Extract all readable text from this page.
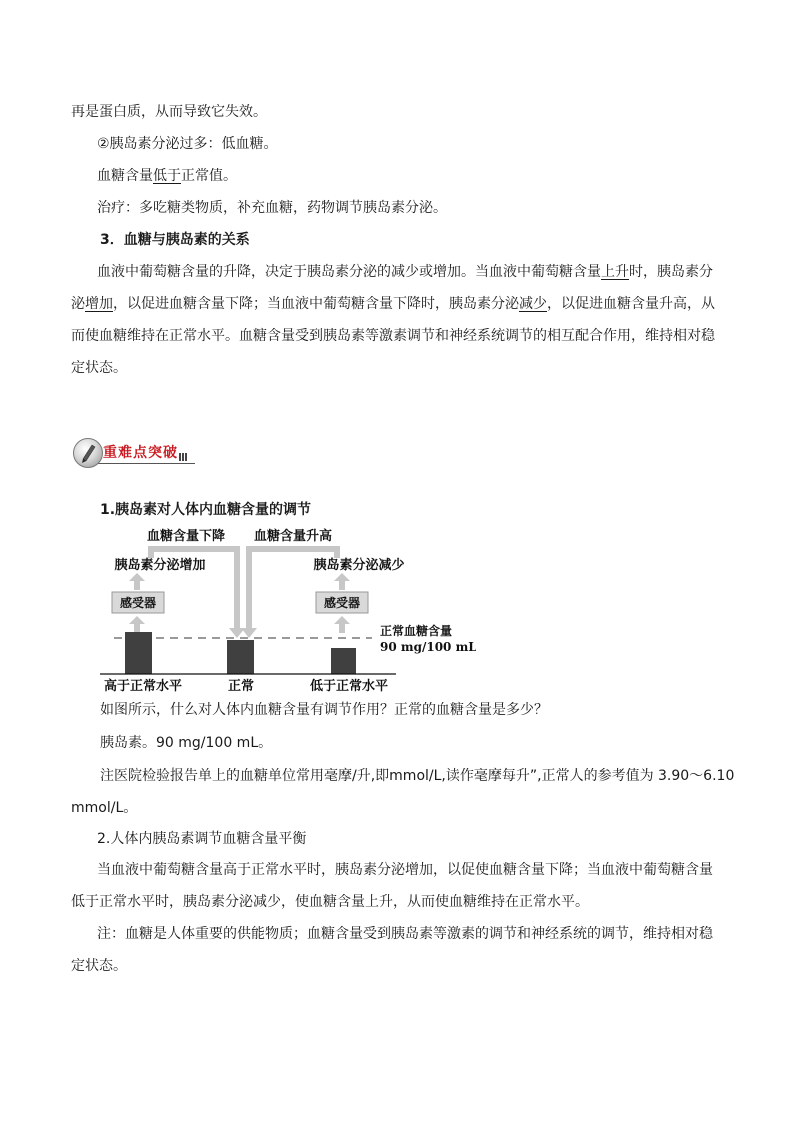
再是蛋白质，从而导致它失效。

②胰岛素分泌过多：低血糖。

血糖含量低于正常值。

治疗：多吃糖类物质，补充血糖，药物调节胰岛素分泌。

3．血糖与胰岛素的关系

血液中葡萄糖含量的升降，决定于胰岛素分泌的减少或增加。当血液中葡萄糖含量上升时，胰岛素分

泌增加，以促进血糖含量下降；当血液中葡萄糖含量下降时，胰岛素分泌减少，以促进血糖含量升高，从

而使血糖维持在正常水平。血糖含量受到胰岛素等激素调节和神经系统调节的相互配合作用，维持相对稳

定状态。

重难点突破

1.胰岛素对人体内血糖含量的调节

血糖含量下降 血糖含量升高
胰岛素分泌增加	胰岛素分泌减少
感受器	感受器
正常血糖含量
90 mg/100 mL
高于正常水平	正常	低于正常水平

如图所示，什么对人体内血糖含量有调节作用？正常的血糖含量是多少？

胰岛素。90 mg/100 mL。

注医院检验报告单上的血糖单位常用毫摩/升,即mmol/L,读作毫摩每升”,正常人的参考值为 3.90～6.10

mmol/L。

2.人体内胰岛素调节血糖含量平衡

当血液中葡萄糖含量高于正常水平时，胰岛素分泌增加，以促使血糖含量下降；当血液中葡萄糖含量

低于正常水平时，胰岛素分泌减少，使血糖含量上升，从而使血糖维持在正常水平。

注：血糖是人体重要的供能物质；血糖含量受到胰岛素等激素的调节和神经系统的调节，维持相对稳

定状态。
